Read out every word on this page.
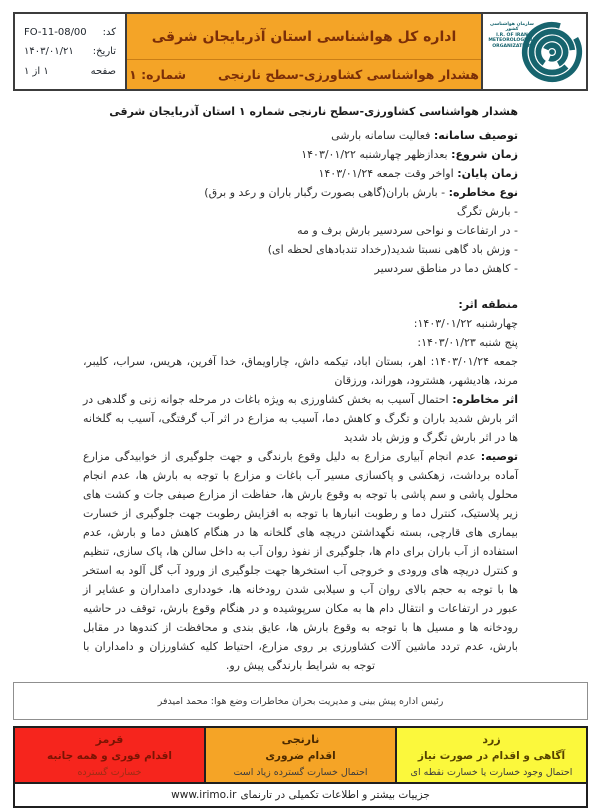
سازمان هواشناسی کشور
I.R. OF IRAN
METEOROLOGICAL
ORGANIZATION
اداره کل هواشناسی استان آذربایجان شرقی
هشدار هواشناسی کشاورزی-سطح نارنجی
شماره: ۱
کد:
FO-11-08/00
تاریخ:
۱۴۰۳/۰۱/۲۱
صفحه
۱ از ۱
هشدار هواشناسی کشاورزی-سطح نارنجی شماره ۱ استان آذربایجان شرقی
توصیف سامانه: فعالیت سامانه بارشی
زمان شروع: بعدازظهر چهارشنبه ۱۴۰۳/۰۱/۲۲
زمان پایان: اواخر وقت جمعه ۱۴۰۳/۰۱/۲۴
نوع مخاطره: - بارش باران(گاهی بصورت رگبار باران و رعد و برق)
- بارش تگرگ
- در ارتفاعات و نواحی سردسیر بارش برف و مه
- وزش باد گاهی نسبتا شدید(رخداد تندبادهای لحظه ای)
- کاهش دما در مناطق سردسیر
منطقه اثر:
چهارشنبه ۱۴۰۳/۰۱/۲۲:
پنج شنبه ۱۴۰۳/۰۱/۲۳:
جمعه ۱۴۰۳/۰۱/۲۴: اهر، بستان اباد، تیکمه داش، چاراویماق، خدا آفرین، هریس، سراب، کلیبر، مرند، هادیشهر، هشترود، هوراند، ورزقان
اثر مخاطره: احتمال آسیب به بخش کشاورزی به ویژه باغات در مرحله جوانه زنی و گلدهی در اثر بارش شدید باران و تگرگ و کاهش دما، آسیب به مزارع در اثر آب گرفتگی، آسیب به گلخانه ها در اثر بارش تگرگ و وزش باد شدید
توصیه: عدم انجام آبیاری مزارع به دلیل وقوع بارندگی و جهت جلوگیری از خوابیدگی مزارع آماده برداشت، زهکشی و پاکسازی مسیر آب باغات و مزارع با توجه به بارش ها، عدم انجام محلول پاشی و سم پاشی با توجه به وقوع بارش ها، حفاظت از مزارع صیفی جات و کشت های زیر پلاستیک، کنترل دما و رطوبت انبارها با توجه به افزایش رطوبت جهت جلوگیری از خسارت بیماری های قارچی، بسته نگهداشتن دریچه های گلخانه ها در هنگام کاهش دما و بارش، عدم استفاده از آب باران برای دام ها، جلوگیری از نفوذ روان آب به داخل سالن ها، پاک سازی، تنظیم و کنترل دریچه های ورودی و خروجی آب استخرها جهت جلوگیری از ورود آب گل آلود به استخر ها با توجه به حجم بالای روان آب و سیلابی شدن رودخانه ها، خودداری دامداران و عشایر از عبور در ارتفاعات و انتقال دام ها به مکان سرپوشیده و در هنگام وقوع بارش، توقف در حاشیه رودخانه ها و مسیل ها با توجه به وقوع بارش ها، عایق بندی و محافظت از کندوها در مقابل بارش، عدم تردد ماشین آلات کشاورزی بر روی مزارع، احتیاط کلیه کشاورزان و دامداران با توجه به شرایط بارندگی پیش رو.
رئیس اداره پیش بینی و مدیریت بحران مخاطرات وضع هوا: محمد امیدفر
قرمز
اقدام فوری و همه جانبه
خسارت گسترده
نارنجی
اقدام ضروری
احتمال خسارت گسترده زیاد است
زرد
آگاهی و اقدام در صورت نیاز
احتمال وجود خسارت یا خسارت نقطه ای
جزییات بیشتر و اطلاعات تکمیلی در تارنمای
www.irimo.ir
